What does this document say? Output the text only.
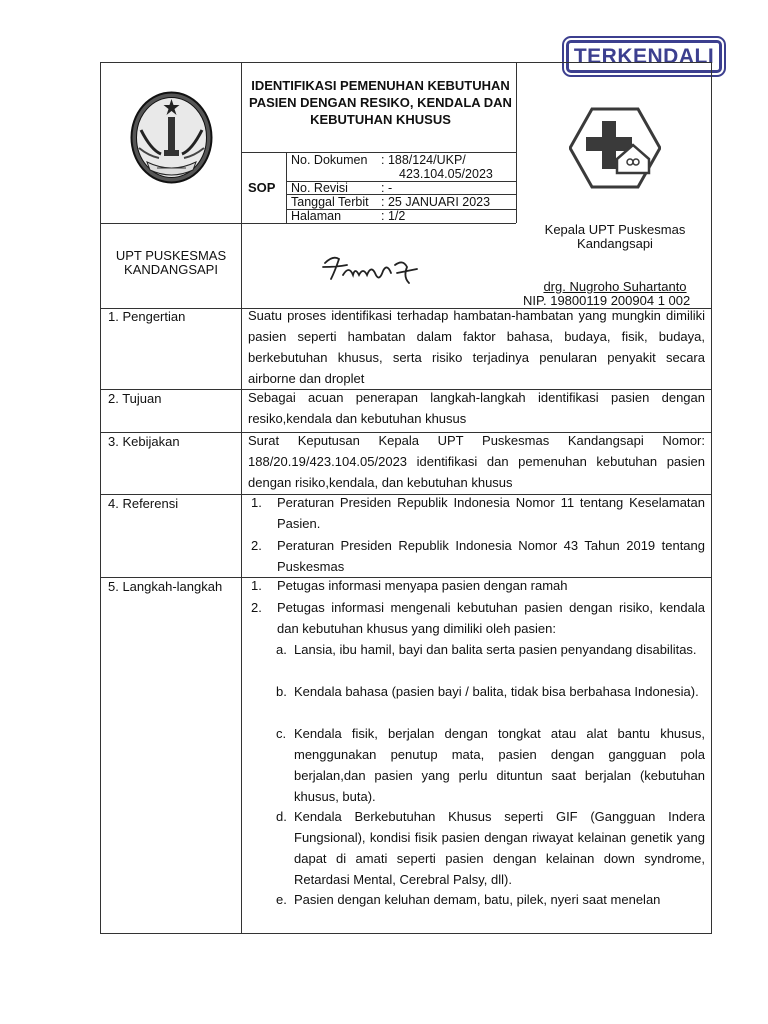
TERKENDALI
IDENTIFIKASI PEMENUHAN KEBUTUHAN PASIEN DENGAN RESIKO, KENDALA DAN KEBUTUHAN KHUSUS
SOP
No. Dokumen : 188/124/UKP/
423.104.05/2023
No. Revisi	: -
Tanggal Terbit : 25 JANUARI 2023
Halaman	: 1/2
UPT PUSKESMAS
KANDANGSAPI
Kepala UPT Puskesmas
Kandangsapi
drg. Nugroho Suhartanto
NIP. 19800119 200904 1 002
1. Pengertian	Suatu proses identifikasi terhadap hambatan-hambatan yang mungkin dimiliki pasien seperti hambatan dalam faktor bahasa, budaya, fisik, budaya, berkebutuhan khusus, serta risiko terjadinya penularan penyakit secara airborne dan droplet
2. Tujuan	Sebagai acuan penerapan langkah-langkah identifikasi pasien dengan resiko,kendala dan kebutuhan khusus
3. Kebijakan	Surat Keputusan Kepala UPT Puskesmas Kandangsapi Nomor: 188/20.19/423.104.05/2023 identifikasi dan pemenuhan kebutuhan pasien dengan risiko,kendala, dan kebutuhan khusus
4. Referensi	1. Peraturan Presiden Republik Indonesia Nomor 11 tentang Keselamatan Pasien.
2. Peraturan Presiden Republik Indonesia Nomor 43 Tahun 2019 tentang Puskesmas
5. Langkah-langkah 1. Petugas informasi menyapa pasien dengan ramah
2. Petugas informasi mengenali kebutuhan pasien dengan risiko, kendala dan kebutuhan khusus yang dimiliki oleh pasien:
a. Lansia, ibu hamil, bayi dan balita serta pasien penyandang disabilitas.
b. Kendala bahasa (pasien bayi / balita, tidak bisa berbahasa Indonesia).
c. Kendala fisik, berjalan dengan tongkat atau alat bantu khusus, menggunakan penutup mata, pasien dengan gangguan pola berjalan,dan pasien yang perlu dituntun saat berjalan (kebutuhan khusus, buta).
d. Kendala Berkebutuhan Khusus seperti GIF (Gangguan Indera Fungsional), kondisi fisik pasien dengan riwayat kelainan genetik yang dapat di amati seperti pasien dengan kelainan down syndrome, Retardasi Mental, Cerebral Palsy, dll).
e. Pasien dengan keluhan demam, batu, pilek, nyeri saat menelan
